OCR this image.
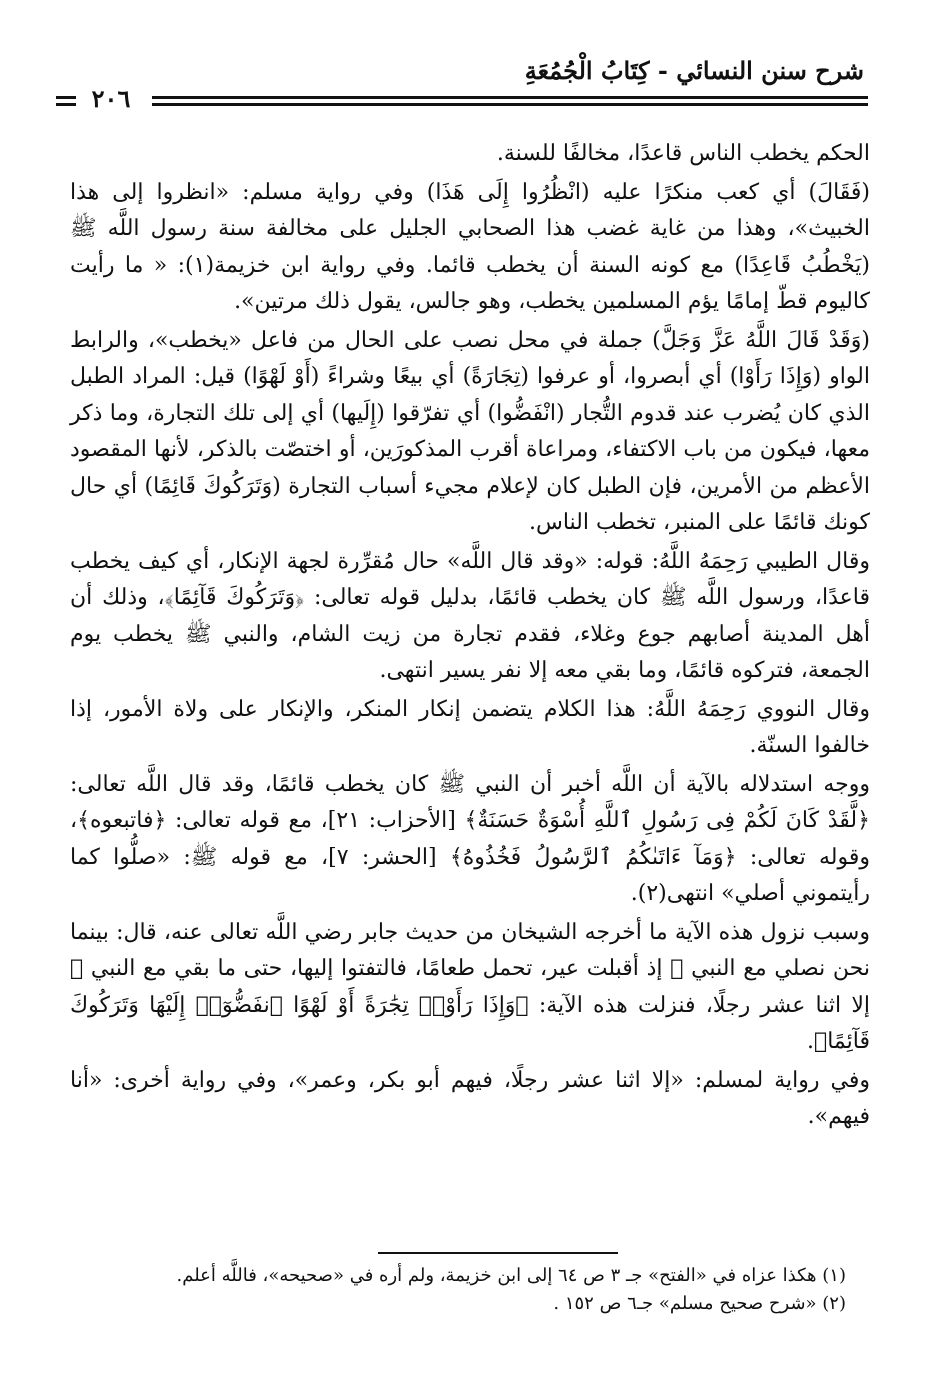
شرح سنن النسائي - كِتَابُ الْجُمُعَةِ
٢٠٦

الحكم يخطب الناس قاعدًا، مخالفًا للسنة.

(فَقَالَ) أي كعب منكرًا عليه (انْظُرُوا إِلَى هَذَا) وفي رواية مسلم: «انظروا إلى هذا الخبيث»، وهذا من غاية غضب هذا الصحابي الجليل على مخالفة سنة رسول اللَّه ﷺ (يَخْطُبُ قَاعِدًا) مع كونه السنة أن يخطب قائما. وفي رواية ابن خزيمة(١): « ما رأيت كاليوم قطّ إمامًا يؤم المسلمين يخطب، وهو جالس، يقول ذلك مرتين».

(وَقَدْ قَالَ اللَّهُ عَزَّ وَجَلَّ) جملة في محل نصب على الحال من فاعل «يخطب»، والرابط الواو (وَإِذَا رَأَوْا) أي أبصروا، أو عرفوا (تِجَارَةً) أي بيعًا وشراءً (أَوْ لَهْوًا) قيل: المراد الطبل الذي كان يُضرب عند قدوم التُّجار (انْفَضُّوا) أي تفرّقوا (إِلَيها) أي إلى تلك التجارة، وما ذكر معها، فيكون من باب الاكتفاء، ومراعاة أقرب المذكورَين، أو اختصّت بالذكر، لأنها المقصود الأعظم من الأمرين، فإن الطبل كان لإعلام مجيء أسباب التجارة (وَتَرَكُوكَ قَائِمًا) أي حال كونك قائمًا على المنبر، تخطب الناس.

وقال الطيبي رَحِمَهُ اللَّهُ: قوله: «وقد قال اللَّه» حال مُقرِّرة لجهة الإنكار، أي كيف يخطب قاعدًا، ورسول اللَّه ﷺ كان يخطب قائمًا، بدليل قوله تعالى: ﴿وَتَرَكُوكَ قَآئِمًا﴾، وذلك أن أهل المدينة أصابهم جوع وغلاء، فقدم تجارة من زيت الشام، والنبي ﷺ يخطب يوم الجمعة، فتركوه قائمًا، وما بقي معه إلا نفر يسير انتهى.

وقال النووي رَحِمَهُ اللَّهُ: هذا الكلام يتضمن إنكار المنكر، والإنكار على ولاة الأمور، إذا خالفوا السنّة.

ووجه استدلاله بالآية أن اللَّه أخبر أن النبي ﷺ كان يخطب قائمًا، وقد قال اللَّه تعالى: ﴿لَّقَدْ كَانَ لَكُمْ فِى رَسُولِ ٱللَّهِ أُسْوَةٌ حَسَنَةٌ﴾ [الأحزاب: ٢١]، مع قوله تعالى: ﴿فاتبعوه﴾، وقوله تعالى: ﴿وَمَآ ءَاتَىٰكُمُ ٱلرَّسُولُ فَخُذُوهُ﴾ [الحشر: ٧]، مع قوله ﷺ: «صلُّوا كما رأيتموني أصلي» انتهى(٢).

وسبب نزول هذه الآية ما أخرجه الشيخان من حديث جابر رضي اللَّه تعالى عنه، قال: بينما نحن نصلي مع النبي ﷺ إذ أقبلت عير، تحمل طعامًا، فالتفتوا إليها، حتى ما بقي مع النبي ﷺ إلا اثنا عشر رجلًا، فنزلت هذه الآية: ﴿وَإِذَا رَأَوْا۟ تِجَٰرَةً أَوْ لَهْوًا ٱنفَضُّوٓا۟ إِلَيْهَا وَتَرَكُوكَ قَآئِمًا﴾.

وفي رواية لمسلم: «إلا اثنا عشر رجلًا، فيهم أبو بكر، وعمر»، وفي رواية أخرى: «أنا فيهم».

(١) هكذا عزاه في «الفتح» جـ ٣ ص ٦٤ إلى ابن خزيمة، ولم أره في «صحيحه»، فاللَّه أعلم.

(٢) «شرح صحيح مسلم» جـ٦ ص ١٥٢ .
